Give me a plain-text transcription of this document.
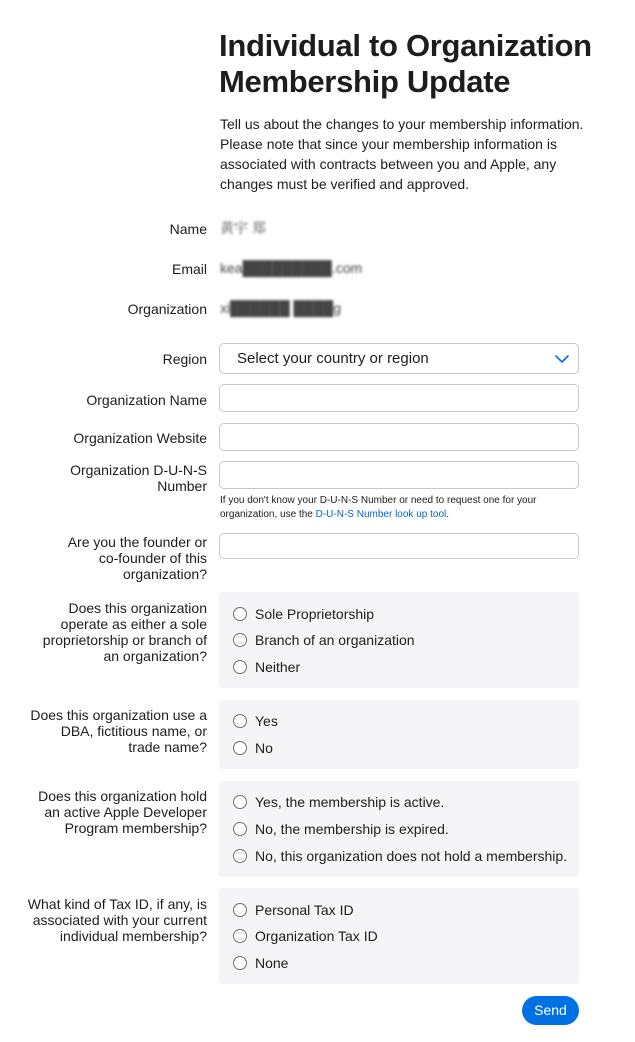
Individual to Organization Membership Update
Tell us about the changes to your membership information. Please note that since your membership information is associated with contracts between you and Apple, any changes must be verified and approved.
Name 黄宇 郑
Email kea█████████.com
Organization xi██████ ████g
Region Select your country or region
Organization Name
Organization Website
Organization D-U-N-S Number
If you don't know your D-U-N-S Number or need to request one for your organization, use the D-U-N-S Number look up tool.
Are you the founder or co-founder of this organization?
Does this organization operate as either a sole proprietorship or branch of an organization?
Sole Proprietorship
Branch of an organization
Neither
Does this organization use a DBA, fictitious name, or trade name?
Yes
No
Does this organization hold an active Apple Developer Program membership?
Yes, the membership is active.
No, the membership is expired.
No, this organization does not hold a membership.
What kind of Tax ID, if any, is associated with your current individual membership?
Personal Tax ID
Organization Tax ID
None
Send
